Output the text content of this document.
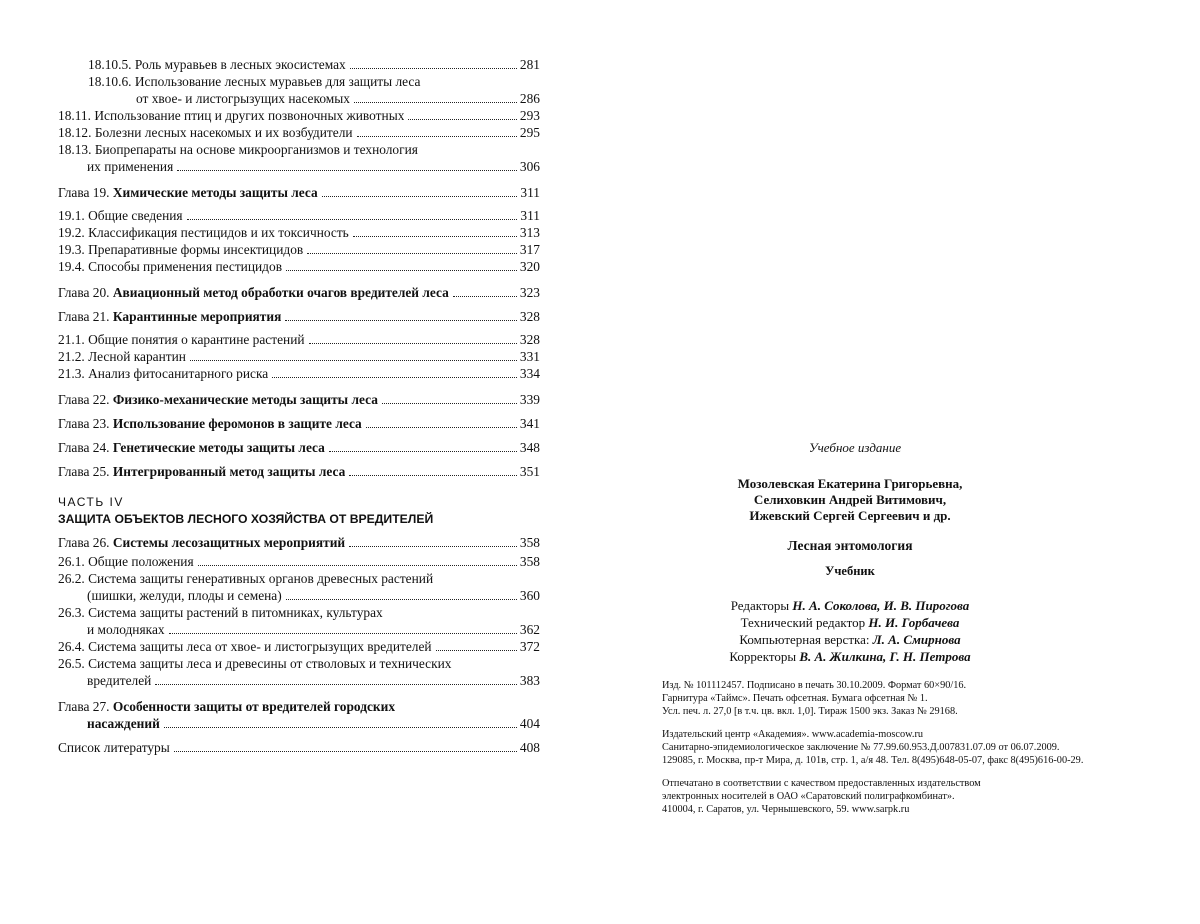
18.10.5. Роль муравьев в лесных экосистемах	281
18.10.6. Использование лесных муравьев для защиты леса
от хвое- и листогрызущих насекомых	286
18.11. Использование птиц и других позвоночных животных	293
18.12. Болезни лесных насекомых и их возбудители	295
18.13. Биопрепараты на основе микроорганизмов и технология
их применения	306
Глава 19. Химические методы защиты леса	311
19.1. Общие сведения	311
19.2. Классификация пестицидов и их токсичность	313
19.3. Препаративные формы инсектицидов	317
19.4. Способы применения пестицидов	320
Глава 20. Авиационный метод обработки очагов вредителей леса	323
Глава 21. Карантинные мероприятия	328
21.1. Общие понятия о карантине растений	328
21.2. Лесной карантин	331
21.3. Анализ фитосанитарного риска	334
Глава 22. Физико-механические методы защиты леса	339
Глава 23. Использование феромонов в защите леса	341
Глава 24. Генетические методы защиты леса	348
Глава 25. Интегрированный метод защиты леса	351
ЧАСТЬ IV
ЗАЩИТА ОБЪЕКТОВ ЛЕСНОГО ХОЗЯЙСТВА ОТ ВРЕДИТЕЛЕЙ
Глава 26. Системы лесозащитных мероприятий	358
26.1. Общие положения	358
26.2. Система защиты генеративных органов древесных растений
(шишки, желуди, плоды и семена)	360
26.3. Система защиты растений в питомниках, культурах
и молодняках	362
26.4. Система защиты леса от хвое- и листогрызущих вредителей	372
26.5. Система защиты леса и древесины от стволовых и технических
вредителей	383
Глава 27. Особенности защиты от вредителей городских
насаждений	404
Список литературы	408
Учебное издание
Мозолевская Екатерина Григорьевна,
Селиховкин Андрей Витимович,
Ижевский Сергей Сергеевич и др.
Лесная энтомология
Учебник
Редакторы Н. А. Соколова, И. В. Пирогова
Технический редактор Н. И. Горбачева
Компьютерная верстка: Л. А. Смирнова
Корректоры В. А. Жилкина, Г. Н. Петрова

Изд. № 101112457. Подписано в печать 30.10.2009. Формат 60×90/16.
Гарнитура «Таймс». Печать офсетная. Бумага офсетная № 1.
Усл. печ. л. 27,0 [в т.ч. цв. вкл. 1,0]. Тираж 1500 экз. Заказ № 29168.

Издательский центр «Академия». www.academia-moscow.ru
Санитарно-эпидемиологическое заключение № 77.99.60.953.Д.007831.07.09 от 06.07.2009.
129085, г. Москва, пр-т Мира, д. 101в, стр. 1, а/я 48. Тел. 8(495)648-05-07, факс 8(495)616-00-29.

Отпечатано в соответствии с качеством предоставленных издательством
электронных носителей в ОАО «Саратовский полиграфкомбинат».
410004, г. Саратов, ул. Чернышевского, 59. www.sarpk.ru
